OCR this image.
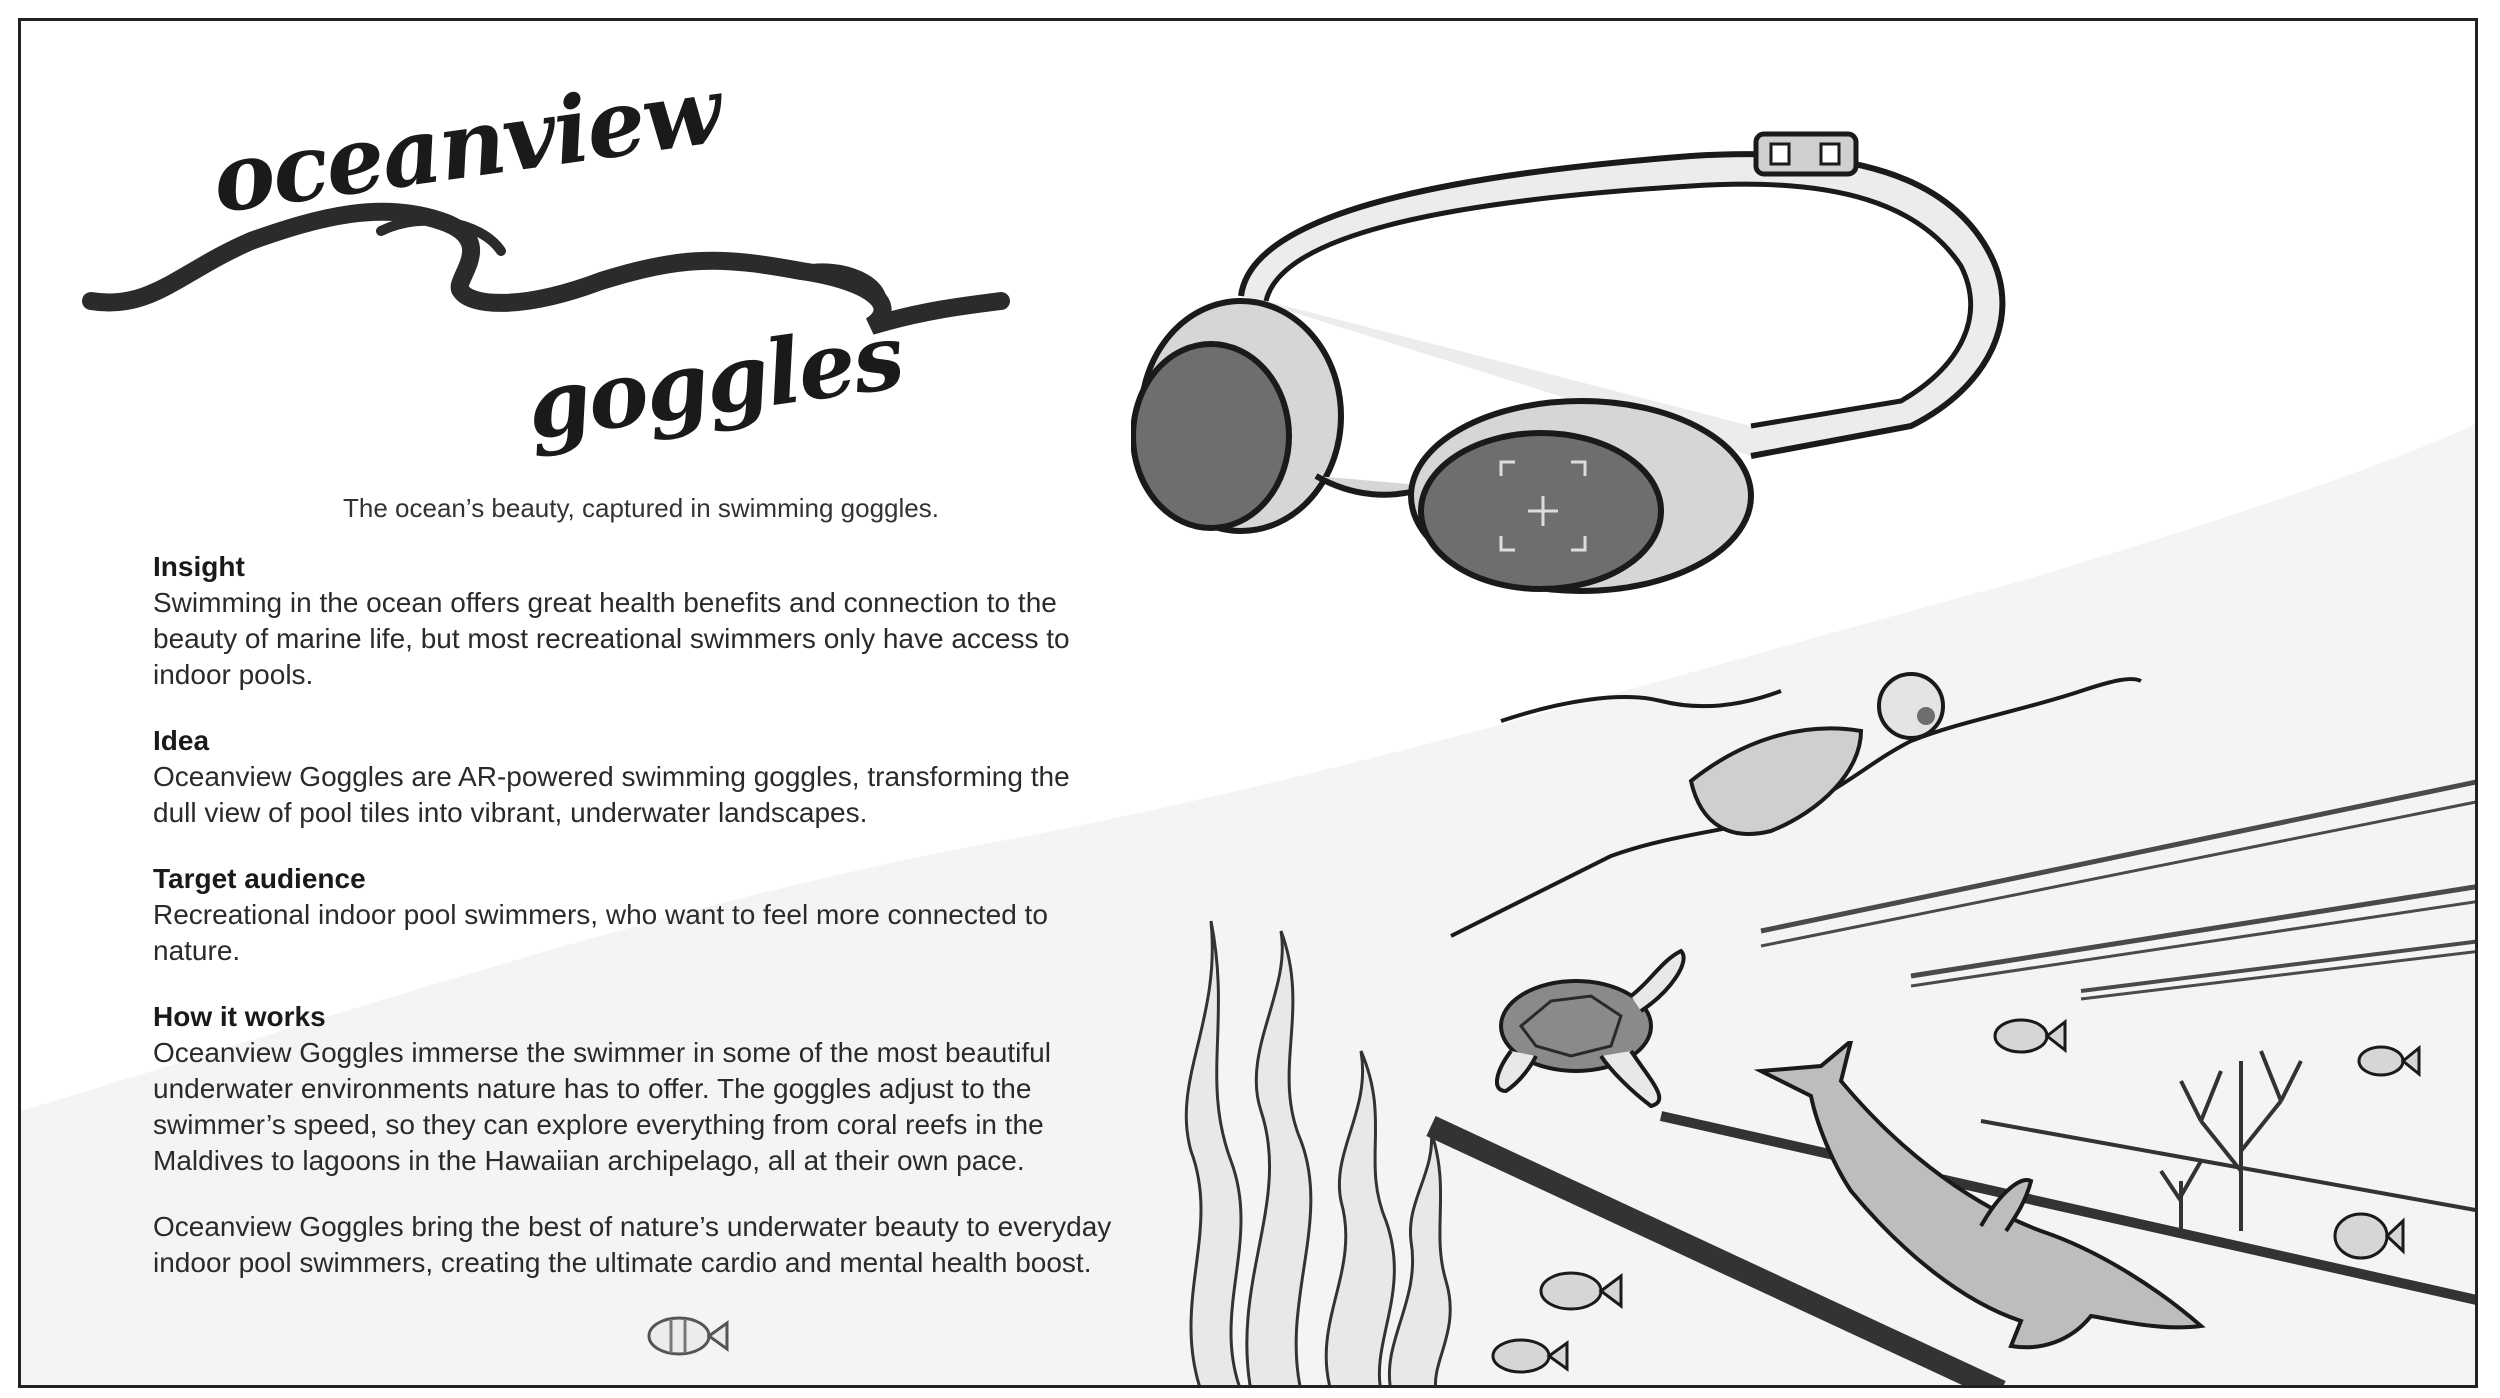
oceanview
goggles
The ocean’s beauty, captured in swimming goggles.
Insight

Swimming in the ocean offers great health benefits and connection to the beauty of marine life, but most recreational swimmers only have access to indoor pools.

Idea

Oceanview Goggles are AR-powered swimming goggles, transforming the dull view of pool tiles into vibrant, underwater landscapes.

Target audience

Recreational indoor pool swimmers, who want to feel more connected to nature.

How it works

Oceanview Goggles immerse the swimmer in some of the most beautiful underwater environments nature has to offer. The goggles adjust to the swimmer’s speed, so they can explore everything from coral reefs in the Maldives to lagoons in the Hawaiian archipelago, all at their own pace.

Oceanview Goggles bring the best of nature’s underwater beauty to everyday indoor pool swimmers, creating the ultimate cardio and mental health boost.
